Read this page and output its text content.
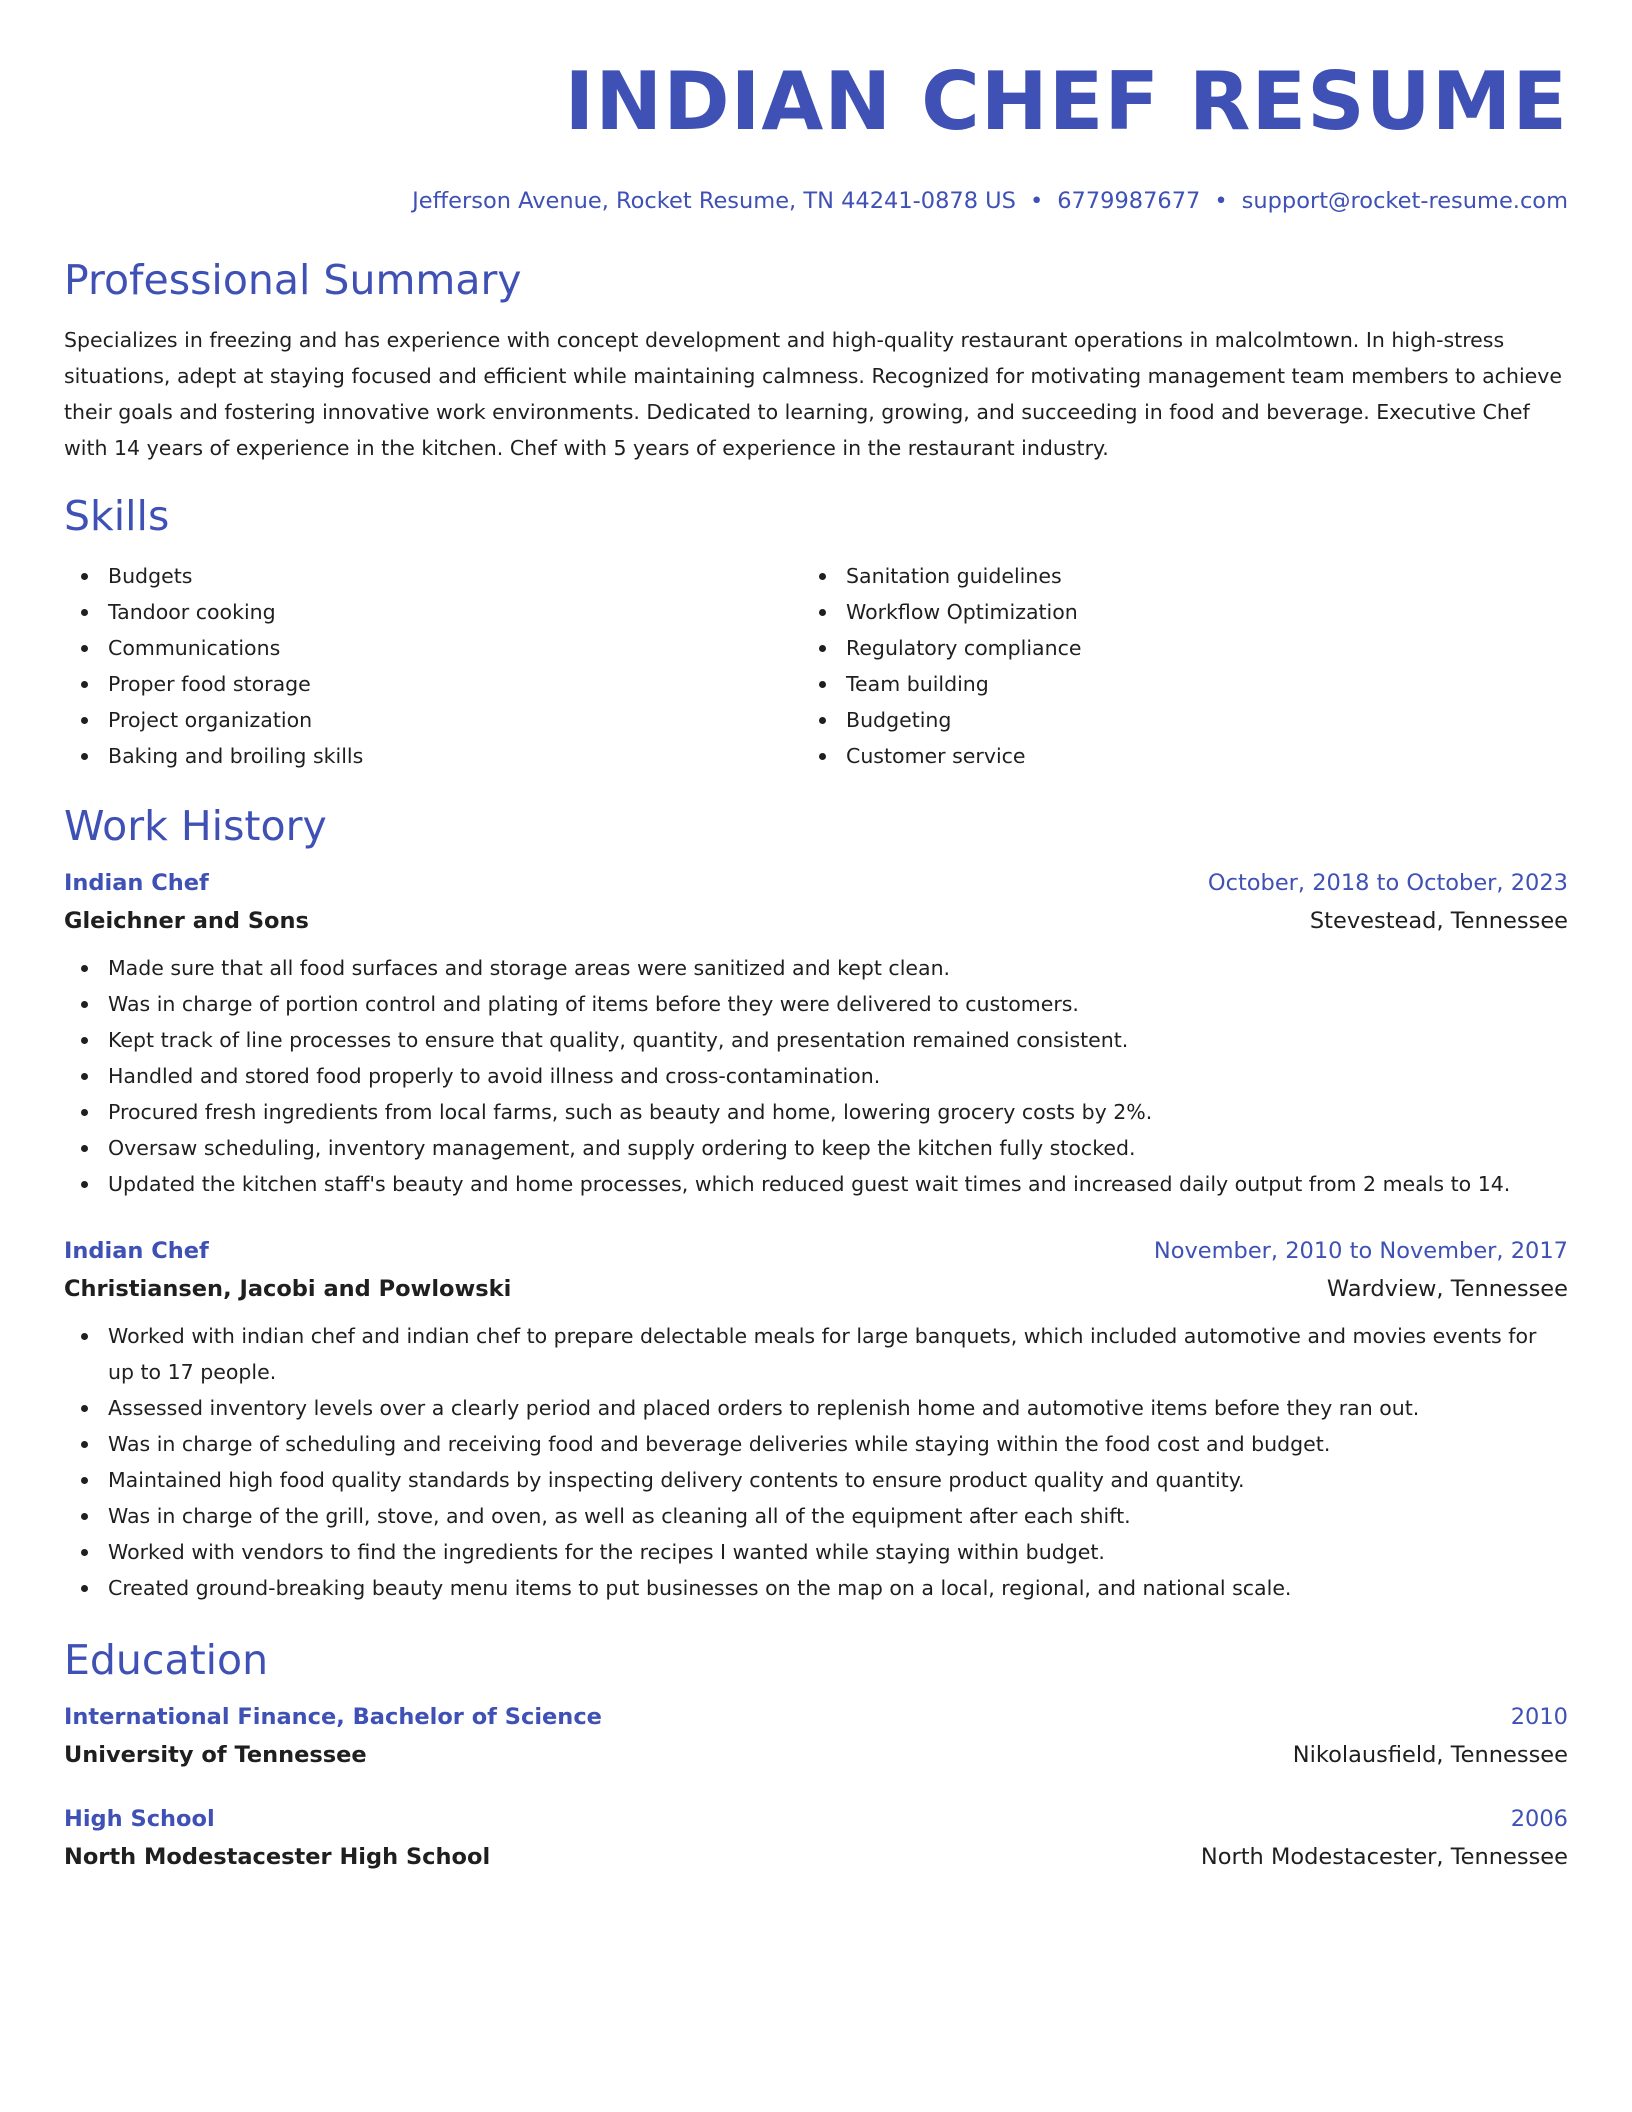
INDIAN CHEF RESUME
Jefferson Avenue, Rocket Resume, TN 44241-0878 US • 6779987677 • support@rocket-resume.com
Professional Summary

Specializes in freezing and has experience with concept development and high-quality restaurant operations in malcolmtown. In high-stress situations, adept at staying focused and efficient while maintaining calmness. Recognized for motivating management team members to achieve their goals and fostering innovative work environments. Dedicated to learning, growing, and succeeding in food and beverage. Executive Chef with 14 years of experience in the kitchen. Chef with 5 years of experience in the restaurant industry.

Skills
Budgets
Tandoor cooking
Communications
Proper food storage
Project organization
Baking and broiling skills
Sanitation guidelines
Workflow Optimization
Regulatory compliance
Team building
Budgeting
Customer service
Work History
Indian Chef	October, 2018 to October, 2023
Gleichner and Sons	Stevestead, Tennessee
Made sure that all food surfaces and storage areas were sanitized and kept clean.
Was in charge of portion control and plating of items before they were delivered to customers.
Kept track of line processes to ensure that quality, quantity, and presentation remained consistent.
Handled and stored food properly to avoid illness and cross-contamination.
Procured fresh ingredients from local farms, such as beauty and home, lowering grocery costs by 2%.
Oversaw scheduling, inventory management, and supply ordering to keep the kitchen fully stocked.
Updated the kitchen staff's beauty and home processes, which reduced guest wait times and increased daily output from 2 meals to 14.
Indian Chef	November, 2010 to November, 2017
Christiansen, Jacobi and Powlowski	Wardview, Tennessee
Worked with indian chef and indian chef to prepare delectable meals for large banquets, which included automotive and movies events for up to 17 people.
Assessed inventory levels over a clearly period and placed orders to replenish home and automotive items before they ran out.
Was in charge of scheduling and receiving food and beverage deliveries while staying within the food cost and budget.
Maintained high food quality standards by inspecting delivery contents to ensure product quality and quantity.
Was in charge of the grill, stove, and oven, as well as cleaning all of the equipment after each shift.
Worked with vendors to find the ingredients for the recipes I wanted while staying within budget.
Created ground-breaking beauty menu items to put businesses on the map on a local, regional, and national scale.
Education
International Finance, Bachelor of Science	2010
University of Tennessee	Nikolausfield, Tennessee
High School	2006
North Modestacester High School	North Modestacester, Tennessee
